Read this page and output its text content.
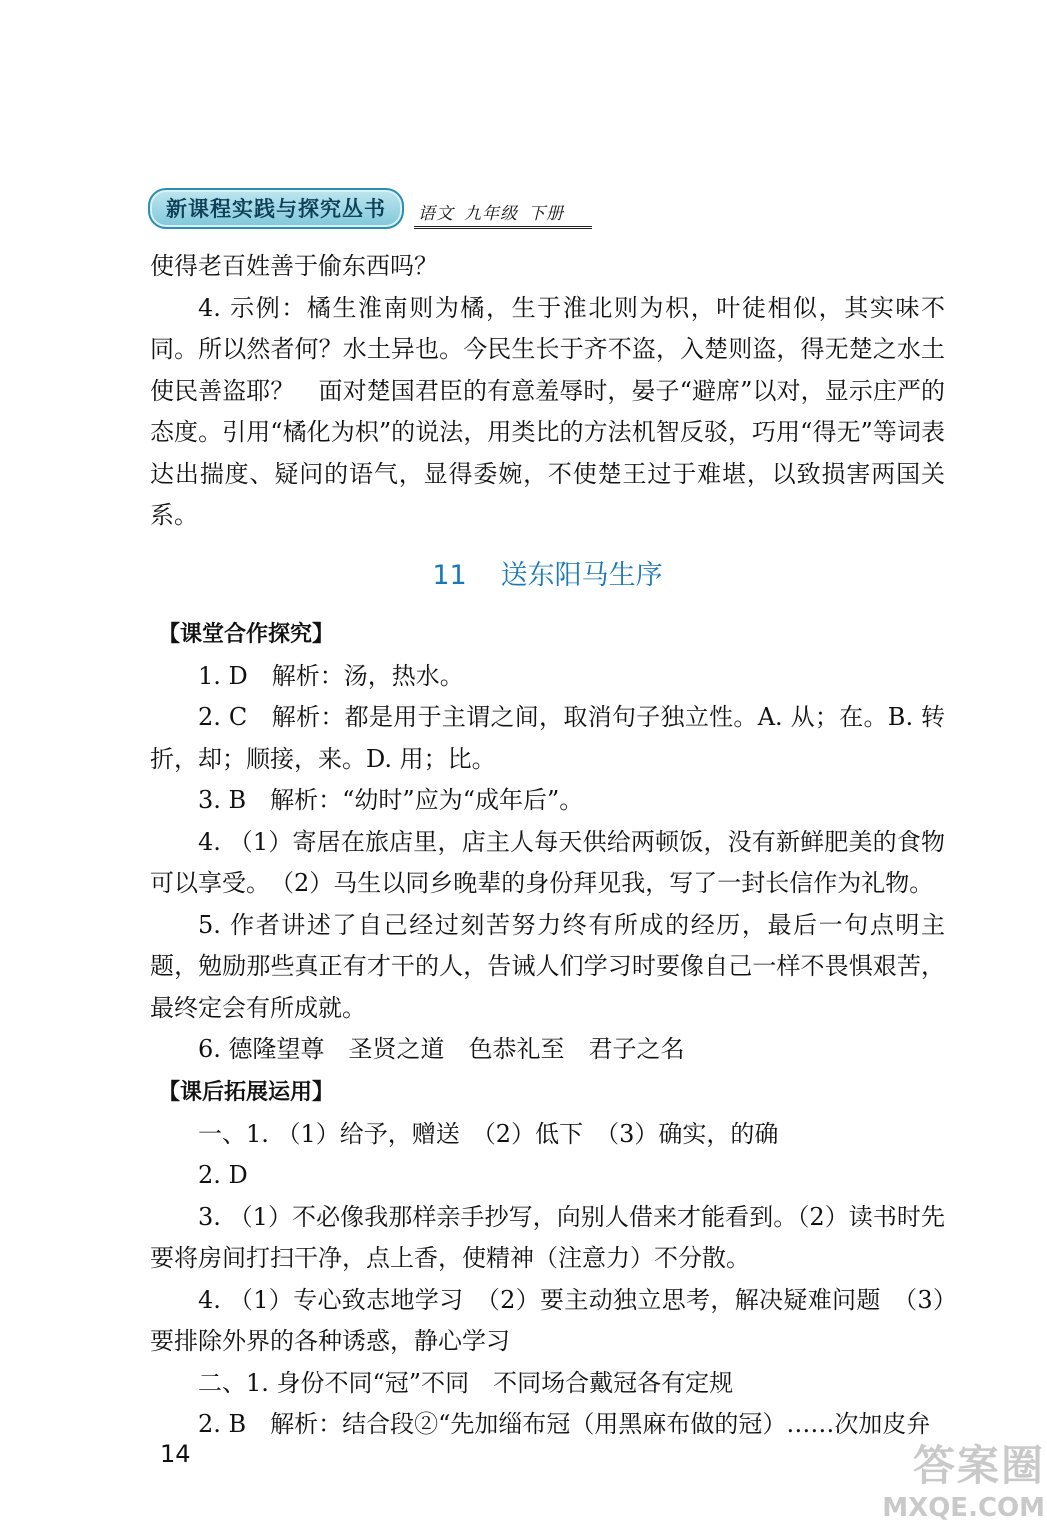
新课程实践与探究丛书	语文 九年级 下册

使得老百姓善于偷东西吗？

4. 示例：橘生淮南则为橘，生于淮北则为枳，叶徒相似，其实味不同。所以然者何？水土异也。今民生长于齐不盗，入楚则盗，得无楚之水土使民善盗耶？　面对楚国君臣的有意羞辱时，晏子“避席”以对，显示庄严的态度。引用“橘化为枳”的说法，用类比的方法机智反驳，巧用“得无”等词表达出揣度、疑问的语气，显得委婉，不使楚王过于难堪，以致损害两国关系。

11 送东阳马生序
【课堂合作探究】

1. D　解析：汤，热水。

2. C　解析：都是用于主谓之间，取消句子独立性。A. 从；在。B. 转折，却；顺接，来。D. 用；比。

3. B　解析：“幼时”应为“成年后”。

4. （1）寄居在旅店里，店主人每天供给两顿饭，没有新鲜肥美的食物可以享受。　（2）马生以同乡晚辈的身份拜见我，写了一封长信作为礼物。

5. 作者讲述了自己经过刻苦努力终有所成的经历，最后一句点明主题，勉励那些真正有才干的人，告诫人们学习时要像自己一样不畏惧艰苦，最终定会有所成就。

6. 德隆望尊　圣贤之道　色恭礼至　君子之名

【课后拓展运用】

一、1. （1）给予，赠送　（2）低下　（3）确实，的确

2. D

3. （1）不必像我那样亲手抄写，向别人借来才能看到。（2）读书时先要将房间打扫干净，点上香，使精神（注意力）不分散。

4. （1）专心致志地学习　（2）要主动独立思考，解决疑难问题　（3）要排除外界的各种诱惑，静心学习

二、1. 身份不同“冠”不同　不同场合戴冠各有定规

2. B　解析：结合段②“先加缁布冠（用黑麻布做的冠）……次加皮弁

14	答案圈
MXQE.COM
